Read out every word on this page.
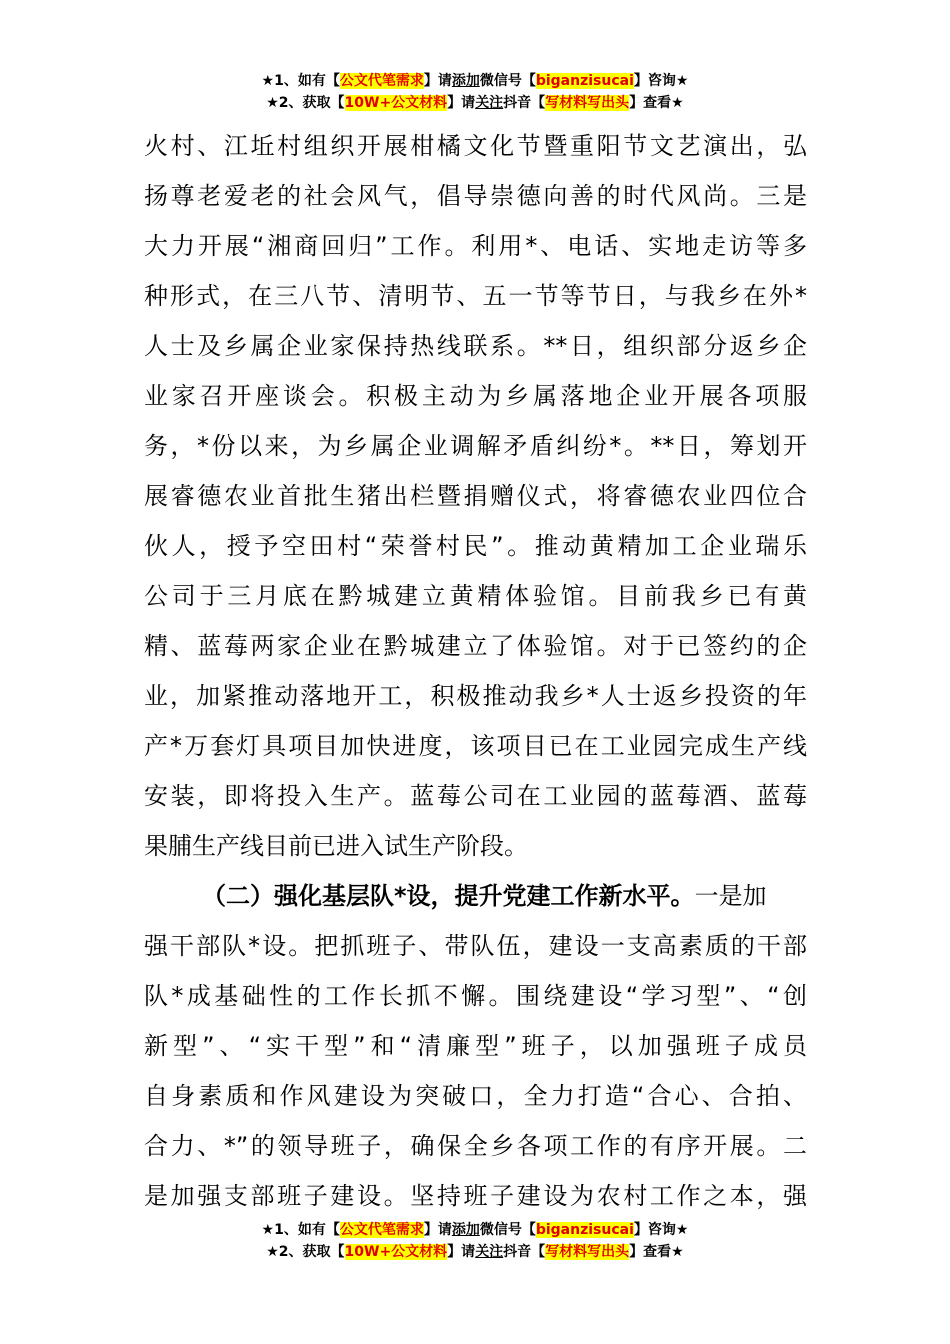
★1、如有【公文代笔需求】请添加微信号【biganzisucai】咨询★
★2、获取【10W+公文材料】请关注抖音【写材料写出头】查看★
火村、江坵村组织开展柑橘文化节暨重阳节文艺演出，弘
扬尊老爱老的社会风气，倡导崇德向善的时代风尚。三是
大力开展“湘商回归”工作。利用*、电话、实地走访等多
种形式，在三八节、清明节、五一节等节日，与我乡在外*
人士及乡属企业家保持热线联系。**日，组织部分返乡企
业家召开座谈会。积极主动为乡属落地企业开展各项服
务，*份以来，为乡属企业调解矛盾纠纷*。**日，筹划开
展睿德农业首批生猪出栏暨捐赠仪式，将睿德农业四位合
伙人，授予空田村“荣誉村民”。推动黄精加工企业瑞乐
公司于三月底在黔城建立黄精体验馆。目前我乡已有黄
精、蓝莓两家企业在黔城建立了体验馆。对于已签约的企
业，加紧推动落地开工，积极推动我乡*人士返乡投资的年
产*万套灯具项目加快进度，该项目已在工业园完成生产线
安装，即将投入生产。蓝莓公司在工业园的蓝莓酒、蓝莓
果脯生产线目前已进入试生产阶段。
（二）强化基层队*设，提升党建工作新水平。一是加
强干部队*设。把抓班子、带队伍，建设一支高素质的干部
队*成基础性的工作长抓不懈。围绕建设“学习型”、“创
新型”、“实干型”和“清廉型”班子，以加强班子成员
自身素质和作风建设为突破口，全力打造“合心、合拍、
合力、*”的领导班子，确保全乡各项工作的有序开展。二
是加强支部班子建设。坚持班子建设为农村工作之本，强
★1、如有【公文代笔需求】请添加微信号【biganzisucai】咨询★
★2、获取【10W+公文材料】请关注抖音【写材料写出头】查看★
